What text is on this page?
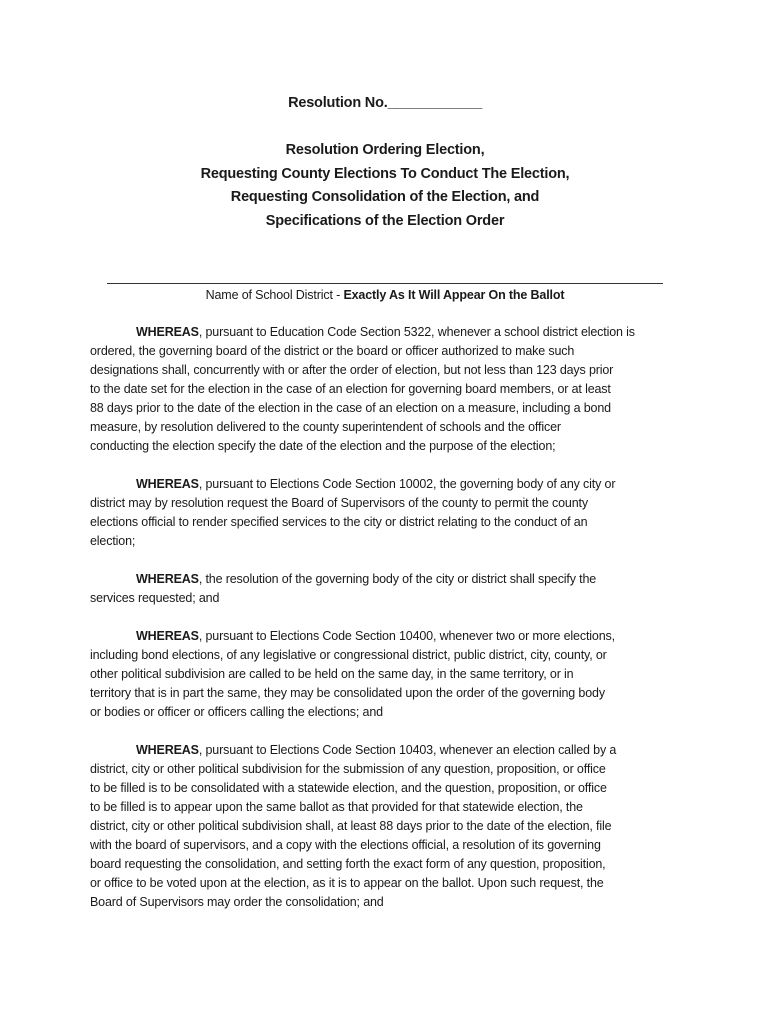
Resolution No.____________
Resolution Ordering Election,
Requesting County Elections To Conduct The Election,
Requesting Consolidation of the Election, and
Specifications of the Election Order
Name of School District - Exactly As It Will Appear On the Ballot
WHEREAS, pursuant to Education Code Section 5322, whenever a school district election is
ordered, the governing board of the district or the board or officer authorized to make such
designations shall, concurrently with or after the order of election, but not less than 123 days prior
to the date set for the election in the case of an election for governing board members, or at least
88 days prior to the date of the election in the case of an election on a measure, including a bond
measure, by resolution delivered to the county superintendent of schools and the officer
conducting the election specify the date of the election and the purpose of the election;
WHEREAS, pursuant to Elections Code Section 10002, the governing body of any city or
district may by resolution request the Board of Supervisors of the county to permit the county
elections official to render specified services to the city or district relating to the conduct of an
election;
WHEREAS, the resolution of the governing body of the city or district shall specify the
services requested; and
WHEREAS, pursuant to Elections Code Section 10400, whenever two or more elections,
including bond elections, of any legislative or congressional district, public district, city, county, or
other political subdivision are called to be held on the same day, in the same territory, or in
territory that is in part the same, they may be consolidated upon the order of the governing body
or bodies or officer or officers calling the elections; and
WHEREAS, pursuant to Elections Code Section 10403, whenever an election called by a
district, city or other political subdivision for the submission of any question, proposition, or office
to be filled is to be consolidated with a statewide election, and the question, proposition, or office
to be filled is to appear upon the same ballot as that provided for that statewide election, the
district, city or other political subdivision shall, at least 88 days prior to the date of the election, file
with the board of supervisors, and a copy with the elections official, a resolution of its governing
board requesting the consolidation, and setting forth the exact form of any question, proposition,
or office to be voted upon at the election, as it is to appear on the ballot. Upon such request, the
Board of Supervisors may order the consolidation; and
